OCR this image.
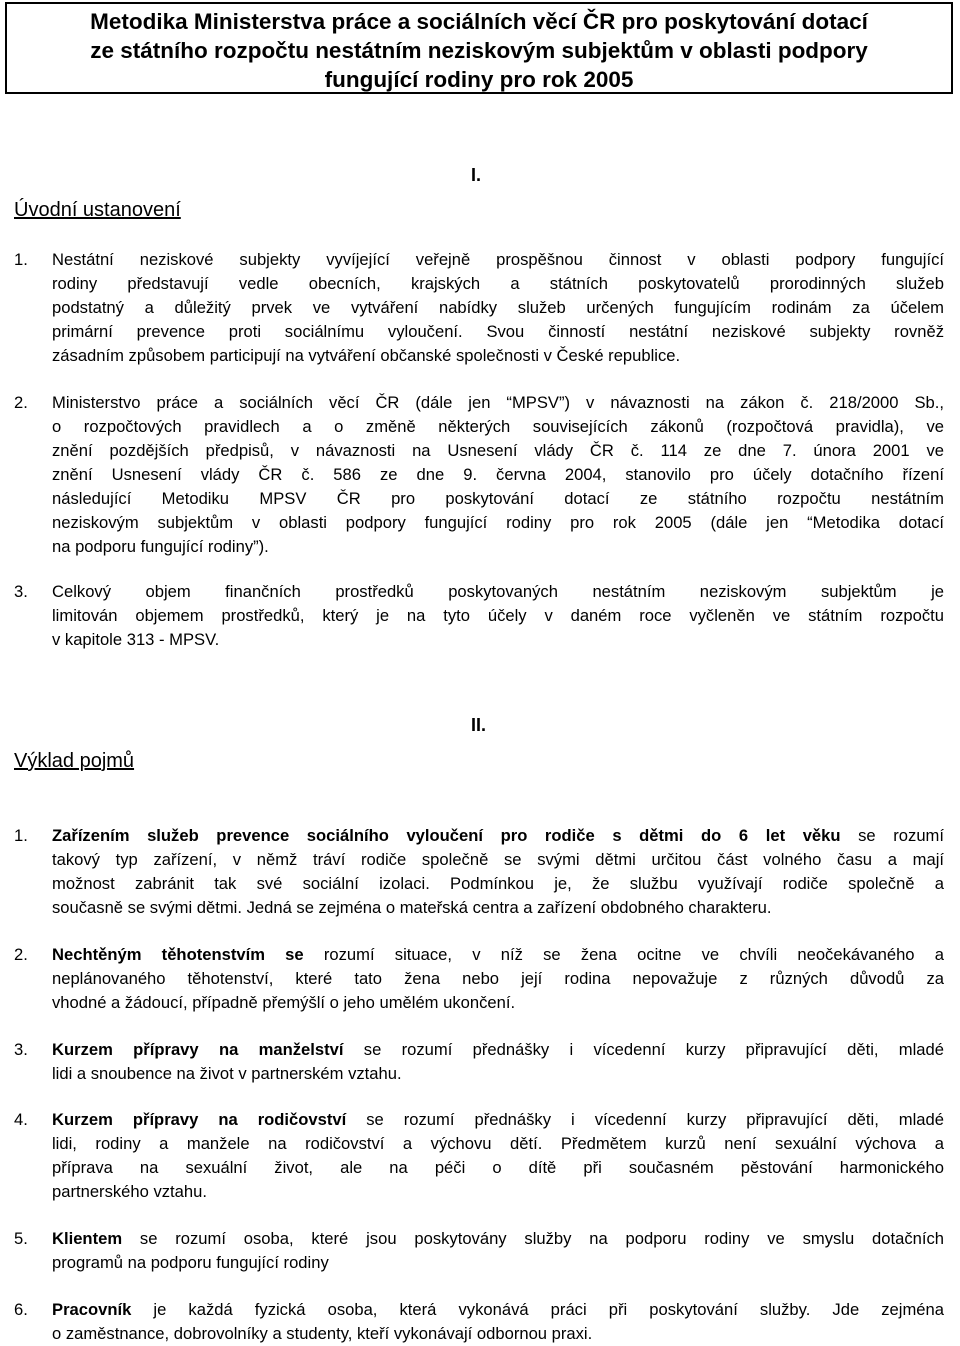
Metodika Ministerstva práce a sociálních věcí ČR pro poskytování dotací
ze státního rozpočtu nestátním neziskovým subjektům v oblasti podpory
fungující rodiny pro rok 2005
I.
Úvodní ustanovení
1.	Nestátní neziskové subjekty vyvíjející veřejně prospěšnou činnost v oblasti podpory fungující
rodiny představují vedle obecních, krajských a státních poskytovatelů prorodinných služeb
podstatný a důležitý prvek ve vytváření nabídky služeb určených fungujícím rodinám za účelem
primární prevence proti sociálnímu vyloučení. Svou činností nestátní neziskové subjekty rovněž
zásadním způsobem participují na vytváření občanské společnosti v České republice.
2.	Ministerstvo práce a sociálních věcí ČR (dále jen “MPSV”) v návaznosti na zákon č. 218/2000 Sb.,
o rozpočtových pravidlech a o změně některých souvisejících zákonů (rozpočtová pravidla), ve
znění pozdějších předpisů, v návaznosti na Usnesení vlády ČR č. 114 ze dne 7. února 2001 ve
znění Usnesení vlády ČR č. 586 ze dne 9. června 2004, stanovilo pro účely dotačního řízení
následující Metodiku MPSV ČR pro poskytování dotací ze státního rozpočtu nestátním
neziskovým subjektům v oblasti podpory fungující rodiny pro rok 2005 (dále jen “Metodika dotací
na podporu fungující rodiny”).
3.	Celkový objem finančních prostředků poskytovaných nestátním neziskovým subjektům je
limitován objemem prostředků, který je na tyto účely v daném roce vyčleněn ve státním rozpočtu
v kapitole 313 - MPSV.
II.
Výklad pojmů
1.	Zařízením služeb prevence sociálního vyloučení pro rodiče s dětmi do 6 let věku se rozumí
takový typ zařízení, v němž tráví rodiče společně se svými dětmi určitou část volného času a mají
možnost zabránit tak své sociální izolaci. Podmínkou je, že službu využívají rodiče společně a
současně se svými dětmi. Jedná se zejména o mateřská centra a zařízení obdobného charakteru.
2.	Nechtěným těhotenstvím se rozumí situace, v níž se žena ocitne ve chvíli neočekávaného a
neplánovaného těhotenství, které tato žena nebo její rodina nepovažuje z různých důvodů za
vhodné a žádoucí, případně přemýšlí o jeho umělém ukončení.
3.	Kurzem přípravy na manželství se rozumí přednášky i vícedenní kurzy připravující děti, mladé
lidi a snoubence na život v partnerském vztahu.
4.	Kurzem přípravy na rodičovství se rozumí přednášky i vícedenní kurzy připravující děti, mladé
lidi, rodiny a manžele na rodičovství a výchovu dětí. Předmětem kurzů není sexuální výchova a
příprava na sexuální život, ale na péči o dítě při současném pěstování harmonického
partnerského vztahu.
5.	Klientem se rozumí osoba, které jsou poskytovány služby na podporu rodiny ve smyslu dotačních
programů na podporu fungující rodiny
6.	Pracovník je každá fyzická osoba, která vykonává práci při poskytování služby. Jde zejména
o zaměstnance, dobrovolníky a studenty, kteří vykonávají odbornou praxi.
